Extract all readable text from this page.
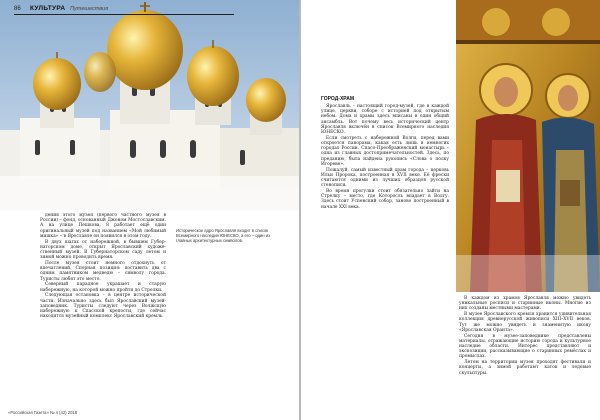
86 КУЛЬТУРА Путешествия

дения этого музея (первого частного музея в России) – фонд, основанный Джоном Мостославским. А на улице Пешкова, 8 работает ещё один оригинальный музей под названием «Мой любимый мишка» – в Ярославле он появился в этом году.

В двух шагах от набережной, в бывшем Губернаторском доме, открыт Ярославский художественный музей. В Губернаторском саду летом и зимой можно проводить время.

После музея стоит немного отдохнуть от впечатлений. Спорная позиция: поставить два с одним памятником медведю – символу города. Туристы любят это место.

Северный парадное украшает и старую набережную, на которой можно пройти до Стрелки.

Следующая остановка – в центре исторической части. Изначально здесь был Ярославский музей-заповедник. Туристы следуют через Волжскую набережную к Спасской крепости, где сейчас находится музейный комплекс Ярославский кремль.

Историческое ядро Ярославля входит в список Всемирного наследия ЮНЕСКО, а его – один из главных архитектурных символов.
«Российская Газета» № 4 (42) 2018
ГОРОД-ХРАМ

Ярославль – настоящий город-музей, где в каждой улице, церкви, соборе с историей под открытым небом. Дома и храмы здесь вписаны в один общий ансамбль. Вот почему весь исторический центр Ярославля включён в список Всемирного наследия ЮНЕСКО.

Если смотреть с набережной Волги, перед вами откроется панорама, какая есть лишь в немногих городах России. Спасо-Преображенский монастырь – одна из главных достопримечательностей. Здесь, по преданию, была найдена рукопись «Слова о полку Игореве».

Пожалуй, самый известный храм города – церковь Ильи Пророка, построенная в XVII веке. Её фрески считаются одними из лучших образцов русской стенописи.

Во время прогулки стоит обязательно зайти на Стрелку – место, где Которосль впадает в Волгу. Здесь стоит Успенский собор, заново построенный в начале XXI века.

В каждом из храмов Ярославля можно увидеть уникальные росписи и старинные иконы. Многие из них созданы местными мастерами.

В музее Ярославского кремля хранится удивительная коллекция древнерусской живописи XIII–XVII веков. Тут же можно увидеть и знаменитую икону «Ярославская Оранта».

Сегодня в музее-заповеднике представлены материалы, отражающие историю города и культурное наследие области. Интерес представляют и экспозиции, рассказывающие о старинных ремёслах и промыслах.

Летом на территории музея проходят фестивали и концерты, а зимой работают каток и ледовые скульптуры.
